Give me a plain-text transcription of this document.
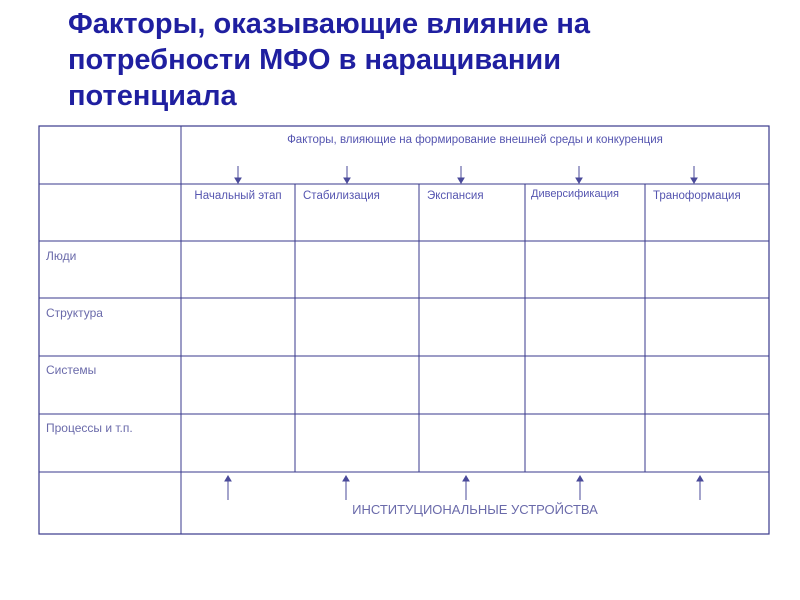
Факторы, оказывающие влияние на
потребности МФО в наращивании
потенциала
Факторы, влияющие на формирование внешней среды и конкуренция
Начальный этап	Стабилизация	Экспансия	Диверсификация	Траноформация
Люди
Структура
Системы
Процессы и т.п.
ИНСТИТУЦИОНАЛЬНЫЕ УСТРОЙСТВА
